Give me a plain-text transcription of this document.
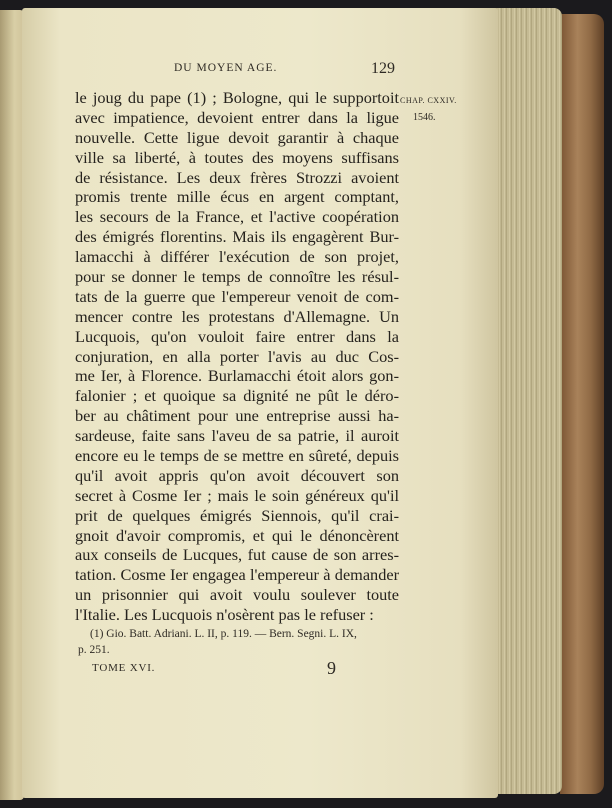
DU MOYEN AGE.	129
CHAP. CXXIV.
1546.
le joug du pape (1) ; Bologne, qui le supportoit
avec impatience, devoient entrer dans la ligue
nouvelle. Cette ligue devoit garantir à chaque
ville sa liberté, à toutes des moyens suffisans
de résistance. Les deux frères Strozzi avoient
promis trente mille écus en argent comptant,
les secours de la France, et l'active coopération
des émigrés florentins. Mais ils engagèrent Bur-
lamacchi à différer l'exécution de son projet,
pour se donner le temps de connoître les résul-
tats de la guerre que l'empereur venoit de com-
mencer contre les protestans d'Allemagne. Un
Lucquois, qu'on vouloit faire entrer dans la
conjuration, en alla porter l'avis au duc Cos-
me Ier, à Florence. Burlamacchi étoit alors gon-
falonier ; et quoique sa dignité ne pût le déro-
ber au châtiment pour une entreprise aussi ha-
sardeuse, faite sans l'aveu de sa patrie, il auroit
encore eu le temps de se mettre en sûreté, depuis
qu'il avoit appris qu'on avoit découvert son
secret à Cosme Ier ; mais le soin généreux qu'il
prit de quelques émigrés Siennois, qu'il crai-
gnoit d'avoir compromis, et qui le dénoncèrent
aux conseils de Lucques, fut cause de son arres-
tation. Cosme Ier engagea l'empereur à demander
un prisonnier qui avoit voulu soulever toute
l'Italie. Les Lucquois n'osèrent pas le refuser :
(1) Gio. Batt. Adriani. L. II, p. 119. — Bern. Segni. L. IX,
p. 251.
TOME XVI.	9
